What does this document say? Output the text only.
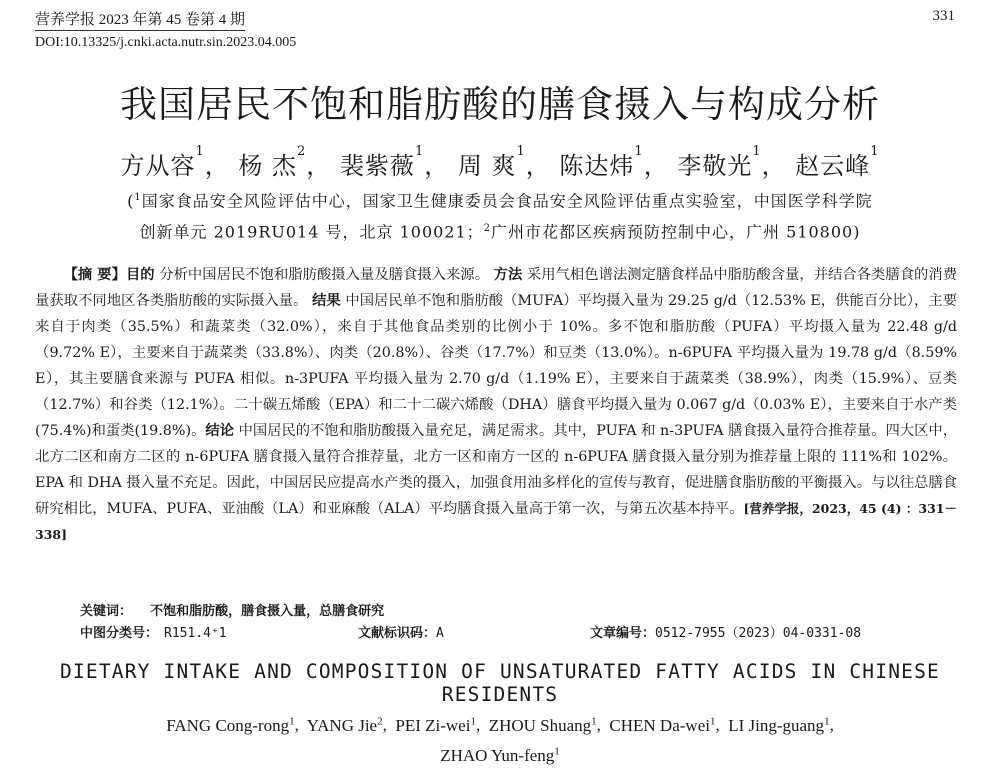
营养学报 2023 年第 45 卷第 4 期	331
DOI:10.13325/j.cnki.acta.nutr.sin.2023.04.005
我国居民不饱和脂肪酸的膳食摄入与构成分析
方从容$^1$， 杨 杰$^2$， 裴紫薇$^1$， 周 爽$^1$， 陈达炜$^1$， 李敬光$^1$， 赵云峰$^1$
($^1$国家食品安全风险评估中心，国家卫生健康委员会食品安全风险评估重点实验室，中国医学科学院
创新单元 2019RU014 号，北京 100021；$^2$广州市花都区疾病预防控制中心，广州 510800)
【摘 要】目的 分析中国居民不饱和脂肪酸摄入量及膳食摄入来源。 方法 采用气相色谱法测定膳食样品中脂肪酸含量，并结合各类膳食的消费量获取不同地区各类脂肪酸的实际摄入量。 结果 中国居民单不饱和脂肪酸（MUFA）平均摄入量为 29.25 g/d（12.53% E，供能百分比），主要来自于肉类（35.5%）和蔬菜类（32.0%），来自于其他食品类别的比例小于 10%。多不饱和脂肪酸（PUFA）平均摄入量为 22.48 g/d（9.72% E），主要来自于蔬菜类（33.8%）、肉类（20.8%）、谷类（17.7%）和豆类（13.0%）。n-6PUFA 平均摄入量为 19.78 g/d（8.59% E），其主要膳食来源与 PUFA 相似。n-3PUFA 平均摄入量为 2.70 g/d（1.19% E），主要来自于蔬菜类（38.9%），肉类（15.9%）、豆类（12.7%）和谷类（12.1%）。二十碳五烯酸（EPA）和二十二碳六烯酸（DHA）膳食平均摄入量为 0.067 g/d（0.03% E），主要来自于水产类(75.4%)和蛋类(19.8%)。结论 中国居民的不饱和脂肪酸摄入量充足，满足需求。其中，PUFA 和 n-3PUFA 膳食摄入量符合推荐量。四大区中，北方二区和南方二区的 n-6PUFA 膳食摄入量符合推荐量，北方一区和南方一区的 n-6PUFA 膳食摄入量分别为推荐量上限的 111%和 102%。EPA 和 DHA 摄入量不充足。因此，中国居民应提高水产类的摄入，加强食用油多样化的宣传与教育，促进膳食脂肪酸的平衡摄入。与以往总膳食研究相比，MUFA、PUFA、亚油酸（LA）和亚麻酸（ALA）平均膳食摄入量高于第一次，与第五次基本持平。[营养学报，2023，45 (4) ：331－338]
关键词： 不饱和脂肪酸，膳食摄入量，总膳食研究
中图分类号： R151.4⁺1	文献标识码：A	文章编号：0512-7955（2023）04-0331-08
DIETARY INTAKE AND COMPOSITION OF UNSATURATED FATTY ACIDS IN CHINESE RESIDENTS
FANG Cong-rong$^1$,  YANG Jie$^2$,  PEI Zi-wei$^1$,  ZHOU Shuang$^1$,  CHEN Da-wei$^1$,  LI Jing-guang$^1$,
ZHAO Yun-feng$^1$
